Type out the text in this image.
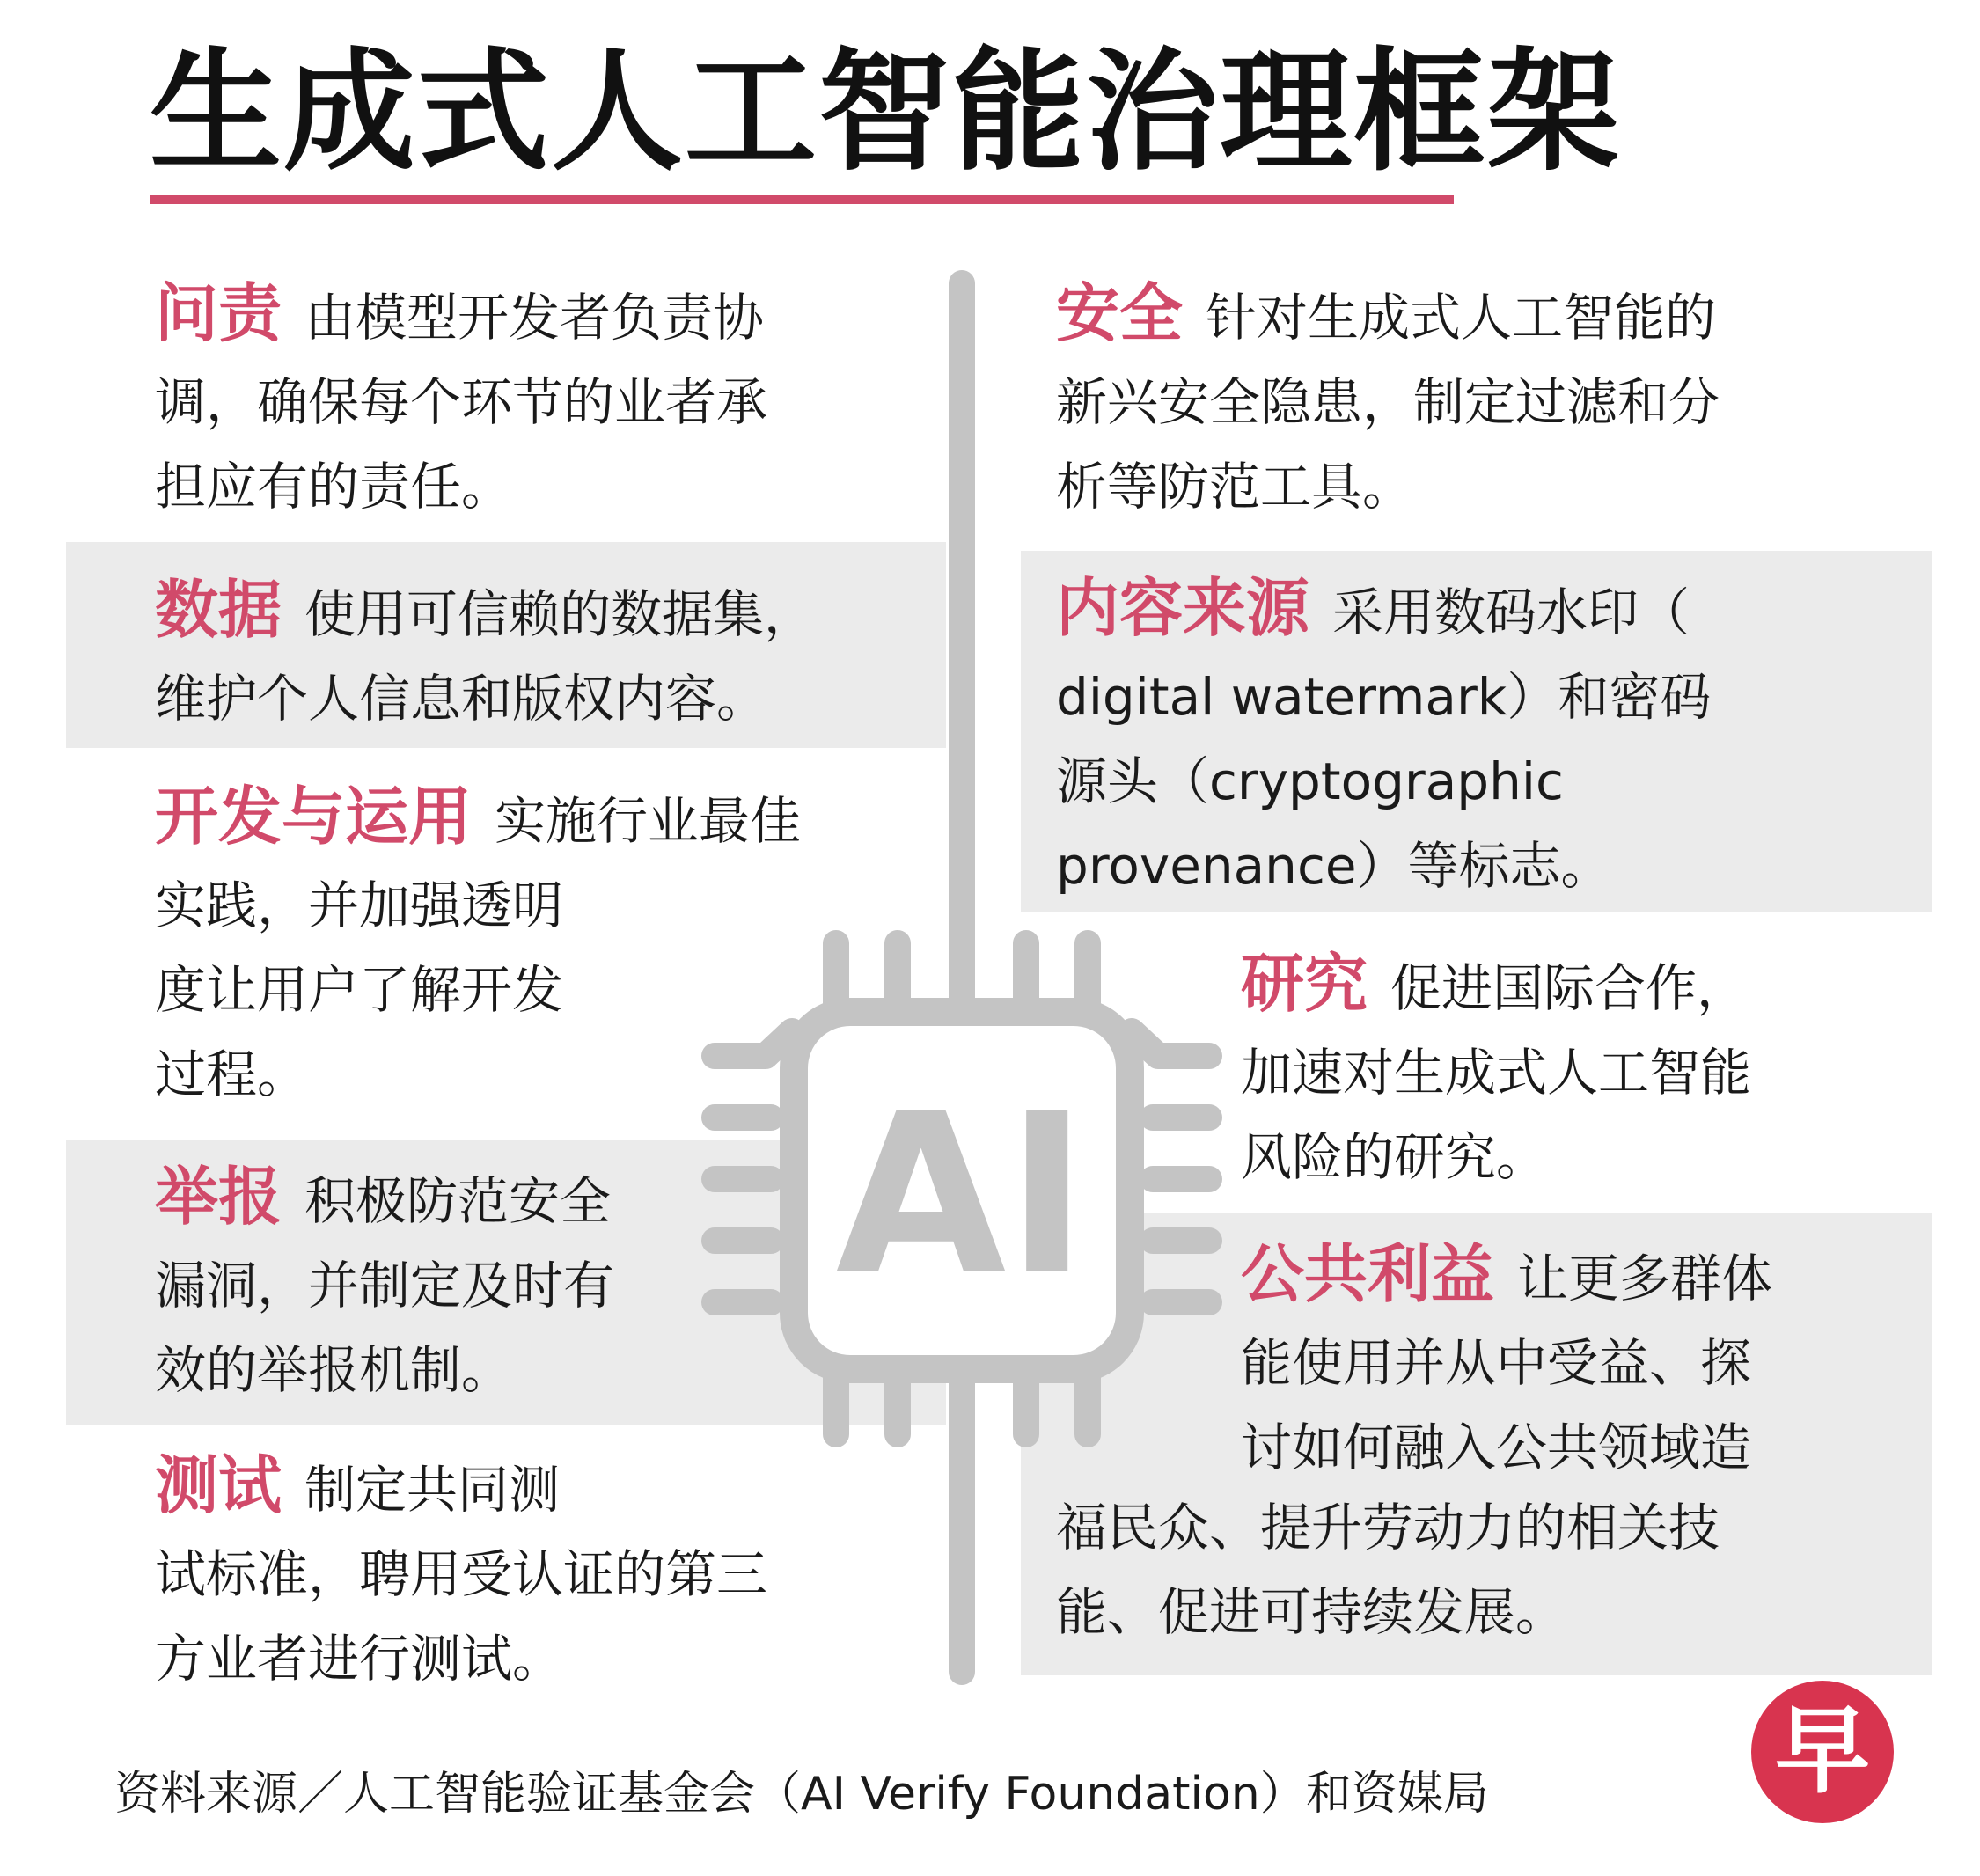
生成式人工智能治理框架
AI
问责 由模型开发者负责协
调，确保每个环节的业者承
担应有的责任。
数据 使用可信赖的数据集，
维护个人信息和版权内容。
开发与运用 实施行业最佳
实践，并加强透明
度让用户了解开发
过程。
举报 积极防范安全
漏洞，并制定及时有
效的举报机制。
测试 制定共同测
试标准，聘用受认证的第三
方业者进行测试。
安全 针对生成式人工智能的
新兴安全隐患，制定过滤和分
析等防范工具。
内容来源 采用数码水印（
digital watermark）和密码
源头（cryptographic
provenance）等标志。
研究 促进国际合作，
加速对生成式人工智能
风险的研究。
公共利益 让更多群体
能使用并从中受益、探
讨如何融入公共领域造
福民众、提升劳动力的相关技
能、促进可持续发展。
资料来源／人工智能验证基金会（AI Verify Foundation）和资媒局	早
